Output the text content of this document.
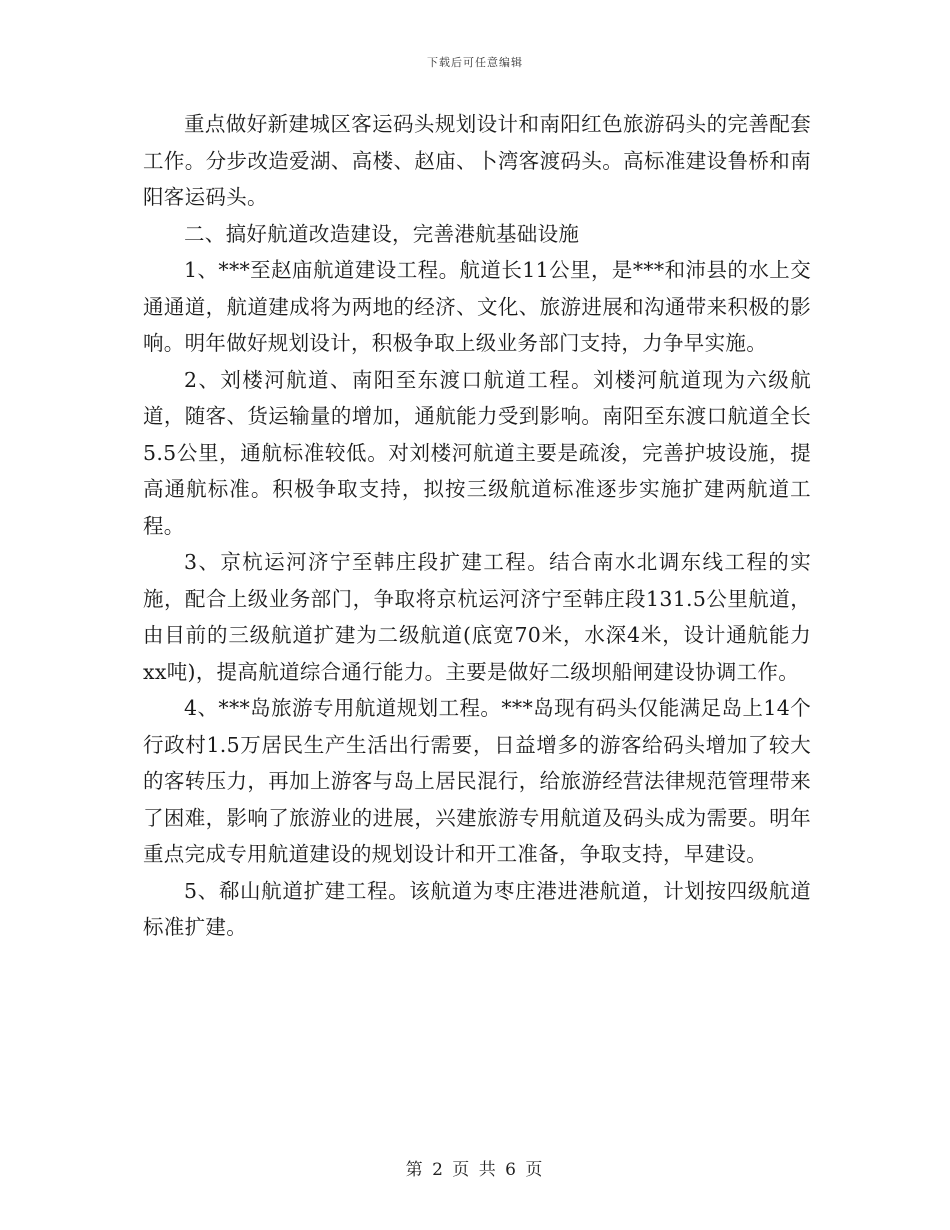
下载后可任意编辑

重点做好新建城区客运码头规划设计和南阳红色旅游码头的完善配套工作。分步改造爱湖、高楼、赵庙、卜湾客渡码头。高标准建设鲁桥和南阳客运码头。

二、搞好航道改造建设，完善港航基础设施

1、***至赵庙航道建设工程。航道长11公里，是***和沛县的水上交通通道，航道建成将为两地的经济、文化、旅游进展和沟通带来积极的影响。明年做好规划设计，积极争取上级业务部门支持，力争早实施。

2、刘楼河航道、南阳至东渡口航道工程。刘楼河航道现为六级航道，随客、货运输量的增加，通航能力受到影响。南阳至东渡口航道全长5.5公里，通航标准较低。对刘楼河航道主要是疏浚，完善护坡设施，提高通航标准。积极争取支持，拟按三级航道标准逐步实施扩建两航道工程。

3、京杭运河济宁至韩庄段扩建工程。结合南水北调东线工程的实施，配合上级业务部门，争取将京杭运河济宁至韩庄段131.5公里航道，由目前的三级航道扩建为二级航道(底宽70米，水深4米，设计通航能力xx吨)，提高航道综合通行能力。主要是做好二级坝船闸建设协调工作。

4、***岛旅游专用航道规划工程。***岛现有码头仅能满足岛上14个行政村1.5万居民生产生活出行需要，日益增多的游客给码头增加了较大的客转压力，再加上游客与岛上居民混行，给旅游经营法律规范管理带来了困难，影响了旅游业的进展，兴建旅游专用航道及码头成为需要。明年重点完成专用航道建设的规划设计和开工准备，争取支持，早建设。

5、郗山航道扩建工程。该航道为枣庄港进港航道，计划按四级航道标准扩建。

第 2 页 共 6 页
